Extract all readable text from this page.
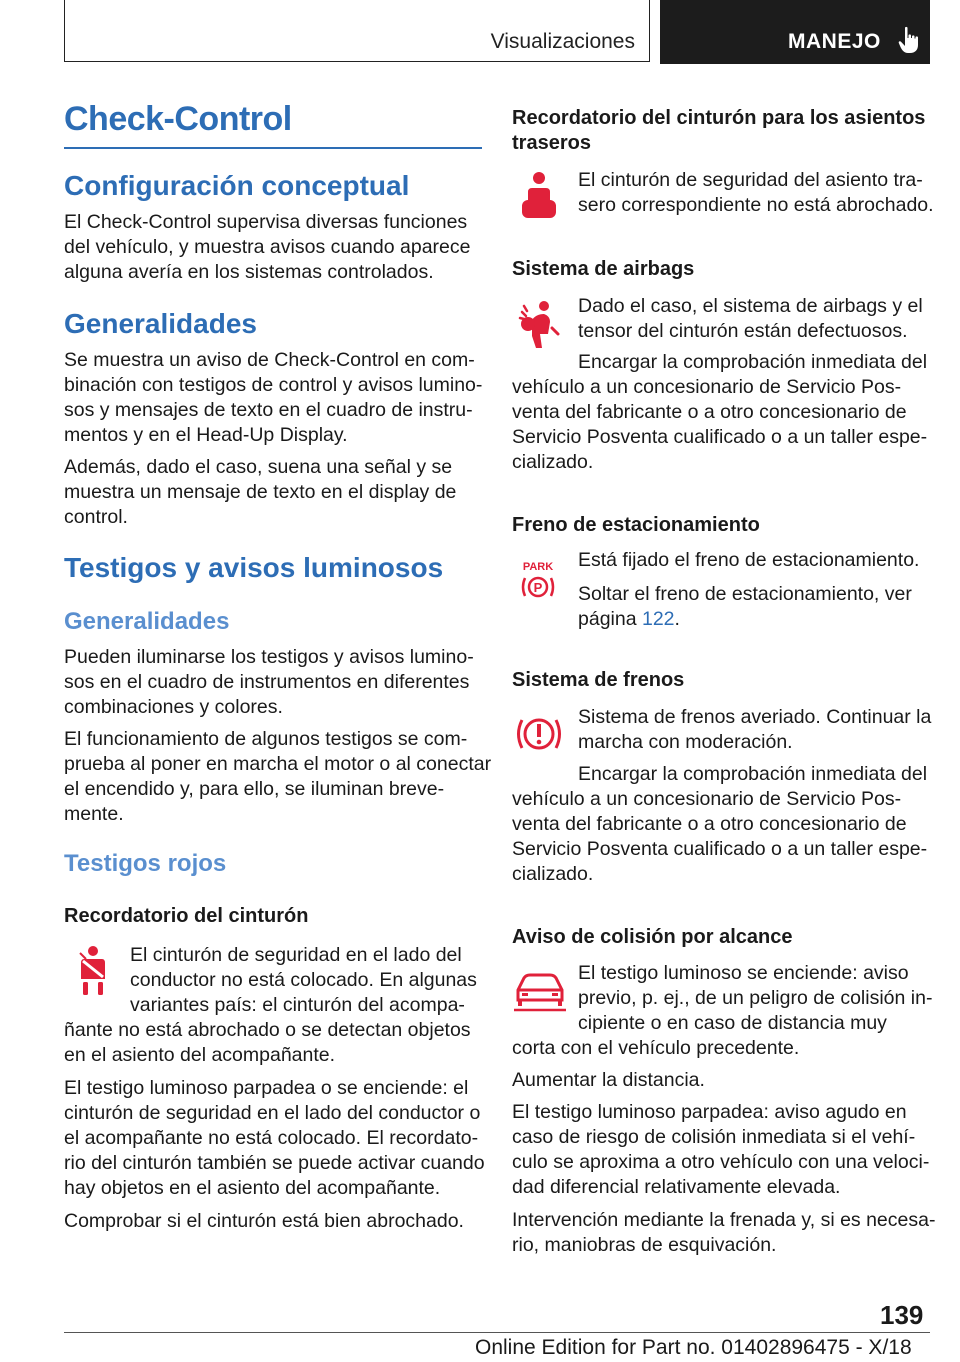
Visualizaciones	MANEJO
Check-Control
Configuración conceptual
El Check-Control supervisa diversas funciones
del vehículo, y muestra avisos cuando aparece
alguna avería en los sistemas controlados.
Generalidades
Se muestra un aviso de Check-Control en com-
binación con testigos de control y avisos lumino-
sos y mensajes de texto en el cuadro de instru-
mentos y en el Head-Up Display.
Además, dado el caso, suena una señal y se
muestra un mensaje de texto en el display de
control.
Testigos y avisos luminosos
Generalidades
Pueden iluminarse los testigos y avisos lumino-
sos en el cuadro de instrumentos en diferentes
combinaciones y colores.
El funcionamiento de algunos testigos se com-
prueba al poner en marcha el motor o al conectar
el encendido y, para ello, se iluminan breve-
mente.
Testigos rojos
Recordatorio del cinturón
El cinturón de seguridad en el lado del
conductor no está colocado. En algunas
variantes país: el cinturón del acompa-
ñante no está abrochado o se detectan objetos
en el asiento del acompañante.
El testigo luminoso parpadea o se enciende: el
cinturón de seguridad en el lado del conductor o
el acompañante no está colocado. El recordato-
rio del cinturón también se puede activar cuando
hay objetos en el asiento del acompañante.
Comprobar si el cinturón está bien abrochado.
Recordatorio del cinturón para los asientos
traseros
El cinturón de seguridad del asiento tra-
sero correspondiente no está abrochado.
Sistema de airbags
Dado el caso, el sistema de airbags y el
tensor del cinturón están defectuosos.
Encargar la comprobación inmediata del
vehículo a un concesionario de Servicio Pos-
venta del fabricante o a otro concesionario de
Servicio Posventa cualificado o a un taller espe-
cializado.
Freno de estacionamiento
PARK
P
Está fijado el freno de estacionamiento.
Soltar el freno de estacionamiento, ver
página 122.
Sistema de frenos
Sistema de frenos averiado. Continuar la
marcha con moderación.
Encargar la comprobación inmediata del
vehículo a un concesionario de Servicio Pos-
venta del fabricante o a otro concesionario de
Servicio Posventa cualificado o a un taller espe-
cializado.
Aviso de colisión por alcance
El testigo luminoso se enciende: aviso
previo, p. ej., de un peligro de colisión in-
cipiente o en caso de distancia muy
corta con el vehículo precedente.
Aumentar la distancia.
El testigo luminoso parpadea: aviso agudo en
caso de riesgo de colisión inmediata si el vehí-
culo se aproxima a otro vehículo con una veloci-
dad diferencial relativamente elevada.
Intervención mediante la frenada y, si es necesa-
rio, maniobras de esquivación.
139
Online Edition for Part no. 01402896475 - X/18
